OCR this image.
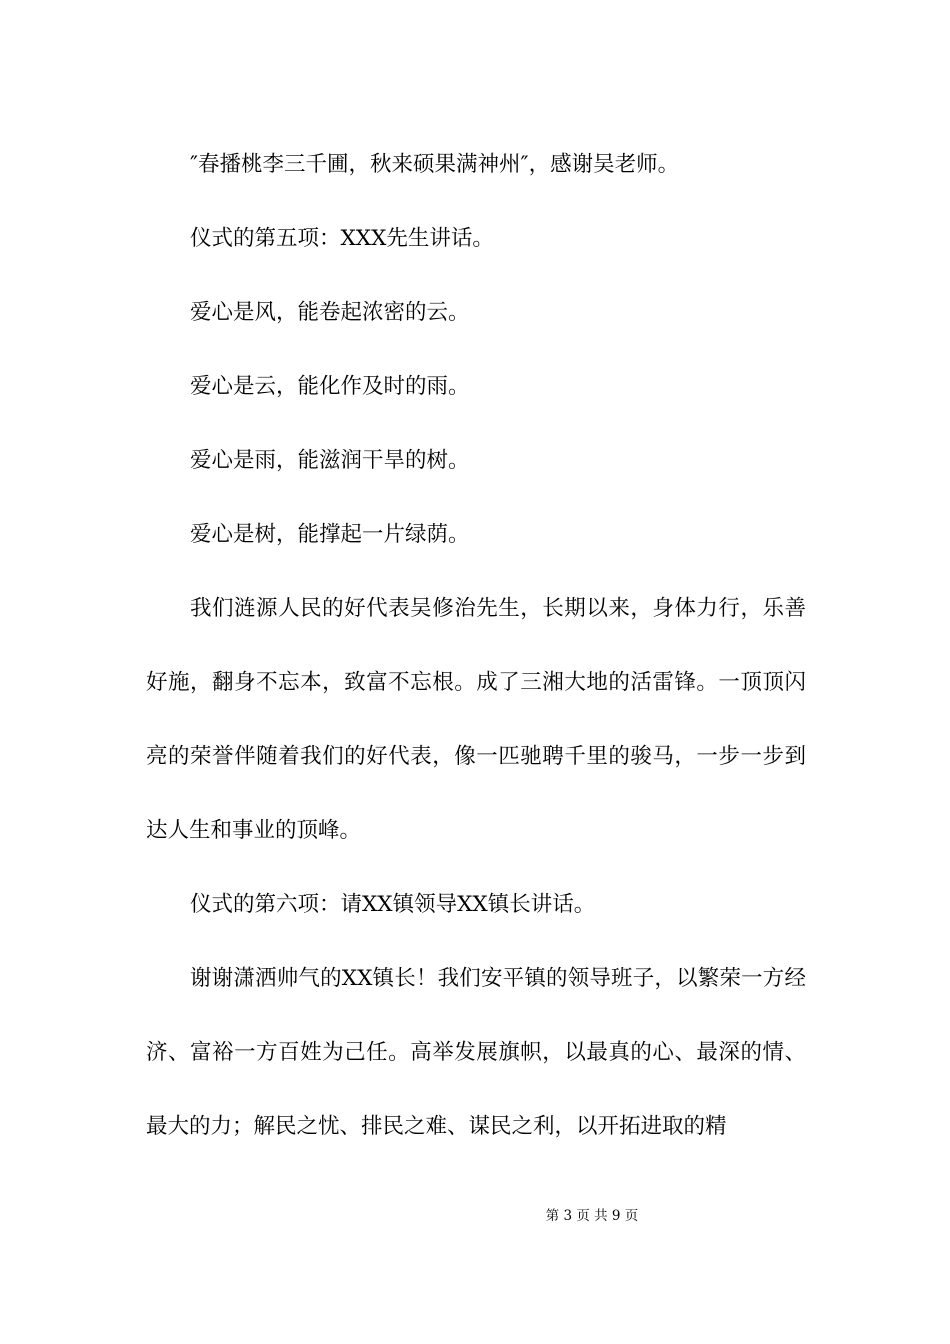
″春播桃李三千圃，秋来硕果满神州″，感谢吴老师。

仪式的第五项：XXX先生讲话。

爱心是风，能卷起浓密的云。

爱心是云，能化作及时的雨。

爱心是雨，能滋润干旱的树。

爱心是树，能撑起一片绿荫。

我们涟源人民的好代表吴修治先生，长期以来，身体力行，乐善好施，翻身不忘本，致富不忘根。成了三湘大地的活雷锋。一顶顶闪亮的荣誉伴随着我们的好代表，像一匹驰聘千里的骏马，一步一步到达人生和事业的顶峰。

仪式的第六项：请XX镇领导XX镇长讲话。

谢谢潇洒帅气的XX镇长！我们安平镇的领导班子，以繁荣一方经济、富裕一方百姓为己任。高举发展旗帜，以最真的心、最深的情、最大的力；解民之忧、排民之难、谋民之利，以开拓进取的精

第 3 页 共 9 页
